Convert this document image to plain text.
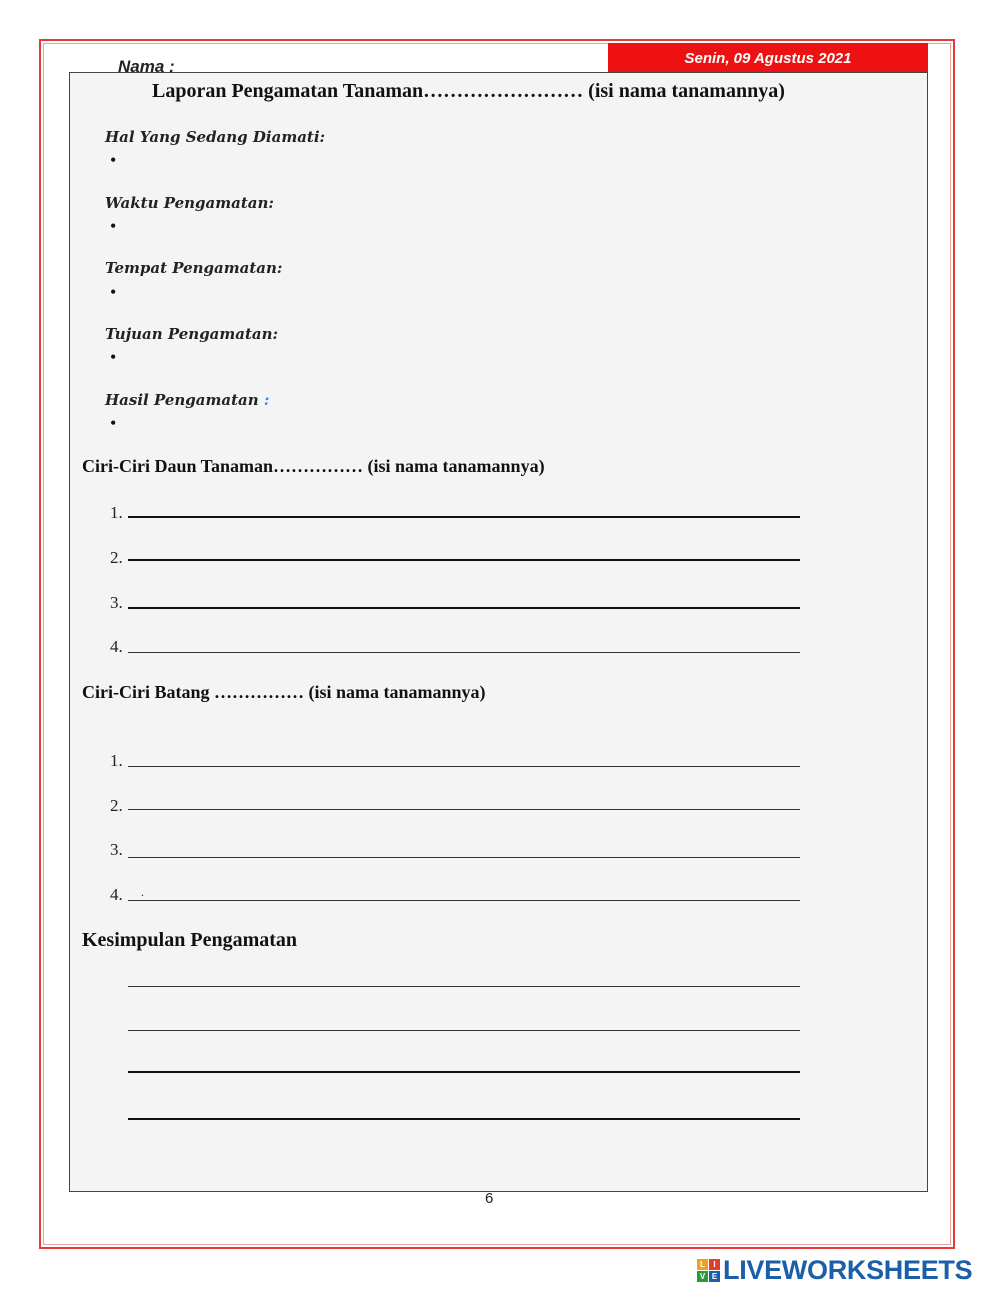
Senin, 09 Agustus 2021
Nama :
Laporan Pengamatan Tanaman…………………… (isi nama tanamannya)
Hal Yang Sedang Diamati:
•
Waktu Pengamatan:
•
Tempat Pengamatan:
•
Tujuan Pengamatan:
•
Hasil Pengamatan :
•
Ciri-Ciri Daun Tanaman…………… (isi nama tanamannya)
1.
2.
3.
4.
Ciri-Ciri Batang …………… (isi nama tanamannya)
1.
2.
3.
4. .
Kesimpulan Pengamatan
6
L	I
V E LIVEWORKSHEETS
